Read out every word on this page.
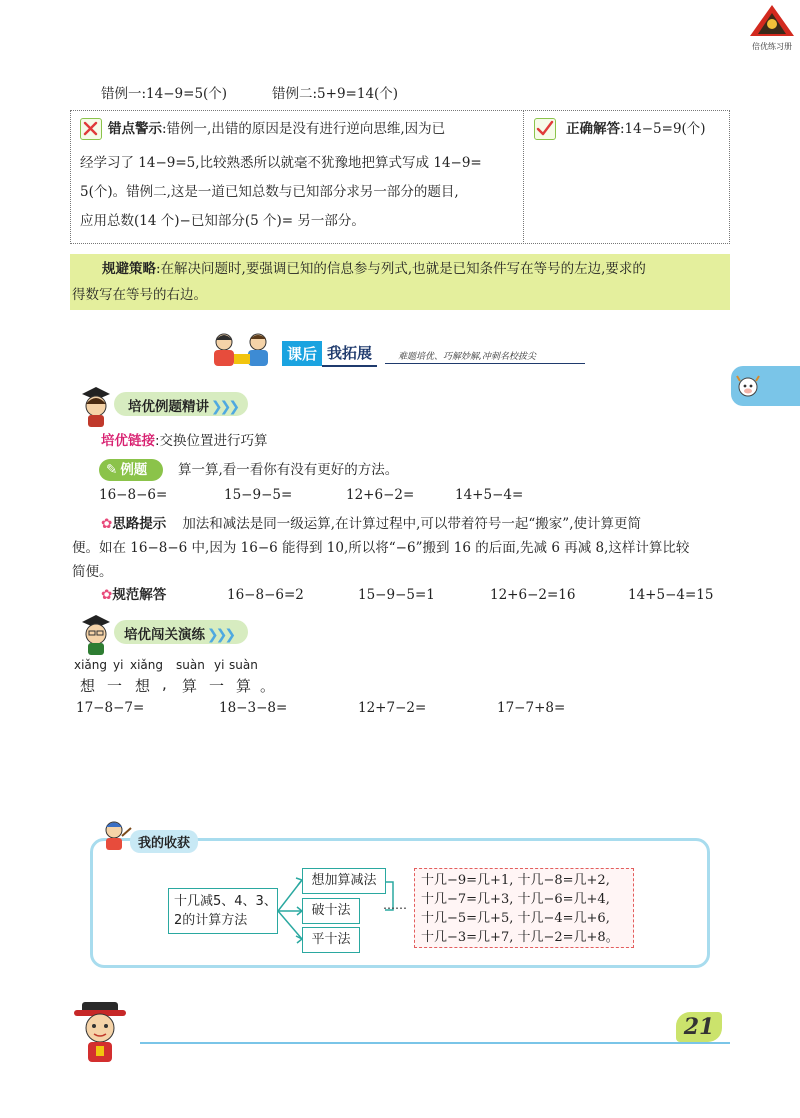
倍优练习册
错例一:14−9=5(个)	错例二:5+9=14(个)
错点警示:错例一,出错的原因是没有进行逆向思维,因为已
经学习了 14−9=5,比较熟悉所以就毫不犹豫地把算式写成 14−9=
5(个)。错例二,这是一道已知总数与已知部分求另一部分的题目,
应用总数(14 个)−已知部分(5 个)= 另一部分。
正确解答:14−5=9(个)
规避策略:在解决问题时,要强调已知的信息参与列式,也就是已知条件写在等号的左边,要求的
得数写在等号的右边。
课后 我拓展	难题培优、巧解妙解,冲刺名校拔尖
培优例题精讲 ❯❯❯
培优链接:交换位置进行巧算
✎ 例题	算一算,看一看你有没有更好的方法。
16−8−6=	15−9−5=	12+6−2=	14+5−4=
✿思路提示 加法和减法是同一级运算,在计算过程中,可以带着符号一起“搬家”,使计算更简
便。如在 16−8−6 中,因为 16−6 能得到 10,所以将“−6”搬到 16 的后面,先减 6 再减 8,这样计算比较
简便。
✿规范解答	16−8−6=2	15−9−5=1	12+6−2=16	14+5−4=15
培优闯关演练 ❯❯❯
xiǎng yi xiǎng suàn yi suàn
想 一 想 , 算 一 算 。
17−8−7=	18−3−8=	12+7−2=	17−7+8=
我的收获
十几减5、4、3、
2的计算方法
想加算减法
破十法
平十法
……
十几−9=几+1, 十几−8=几+2,
十几−7=几+3, 十几−6=几+4,
十几−5=几+5, 十几−4=几+6,
十几−3=几+7, 十几−2=几+8。
21
